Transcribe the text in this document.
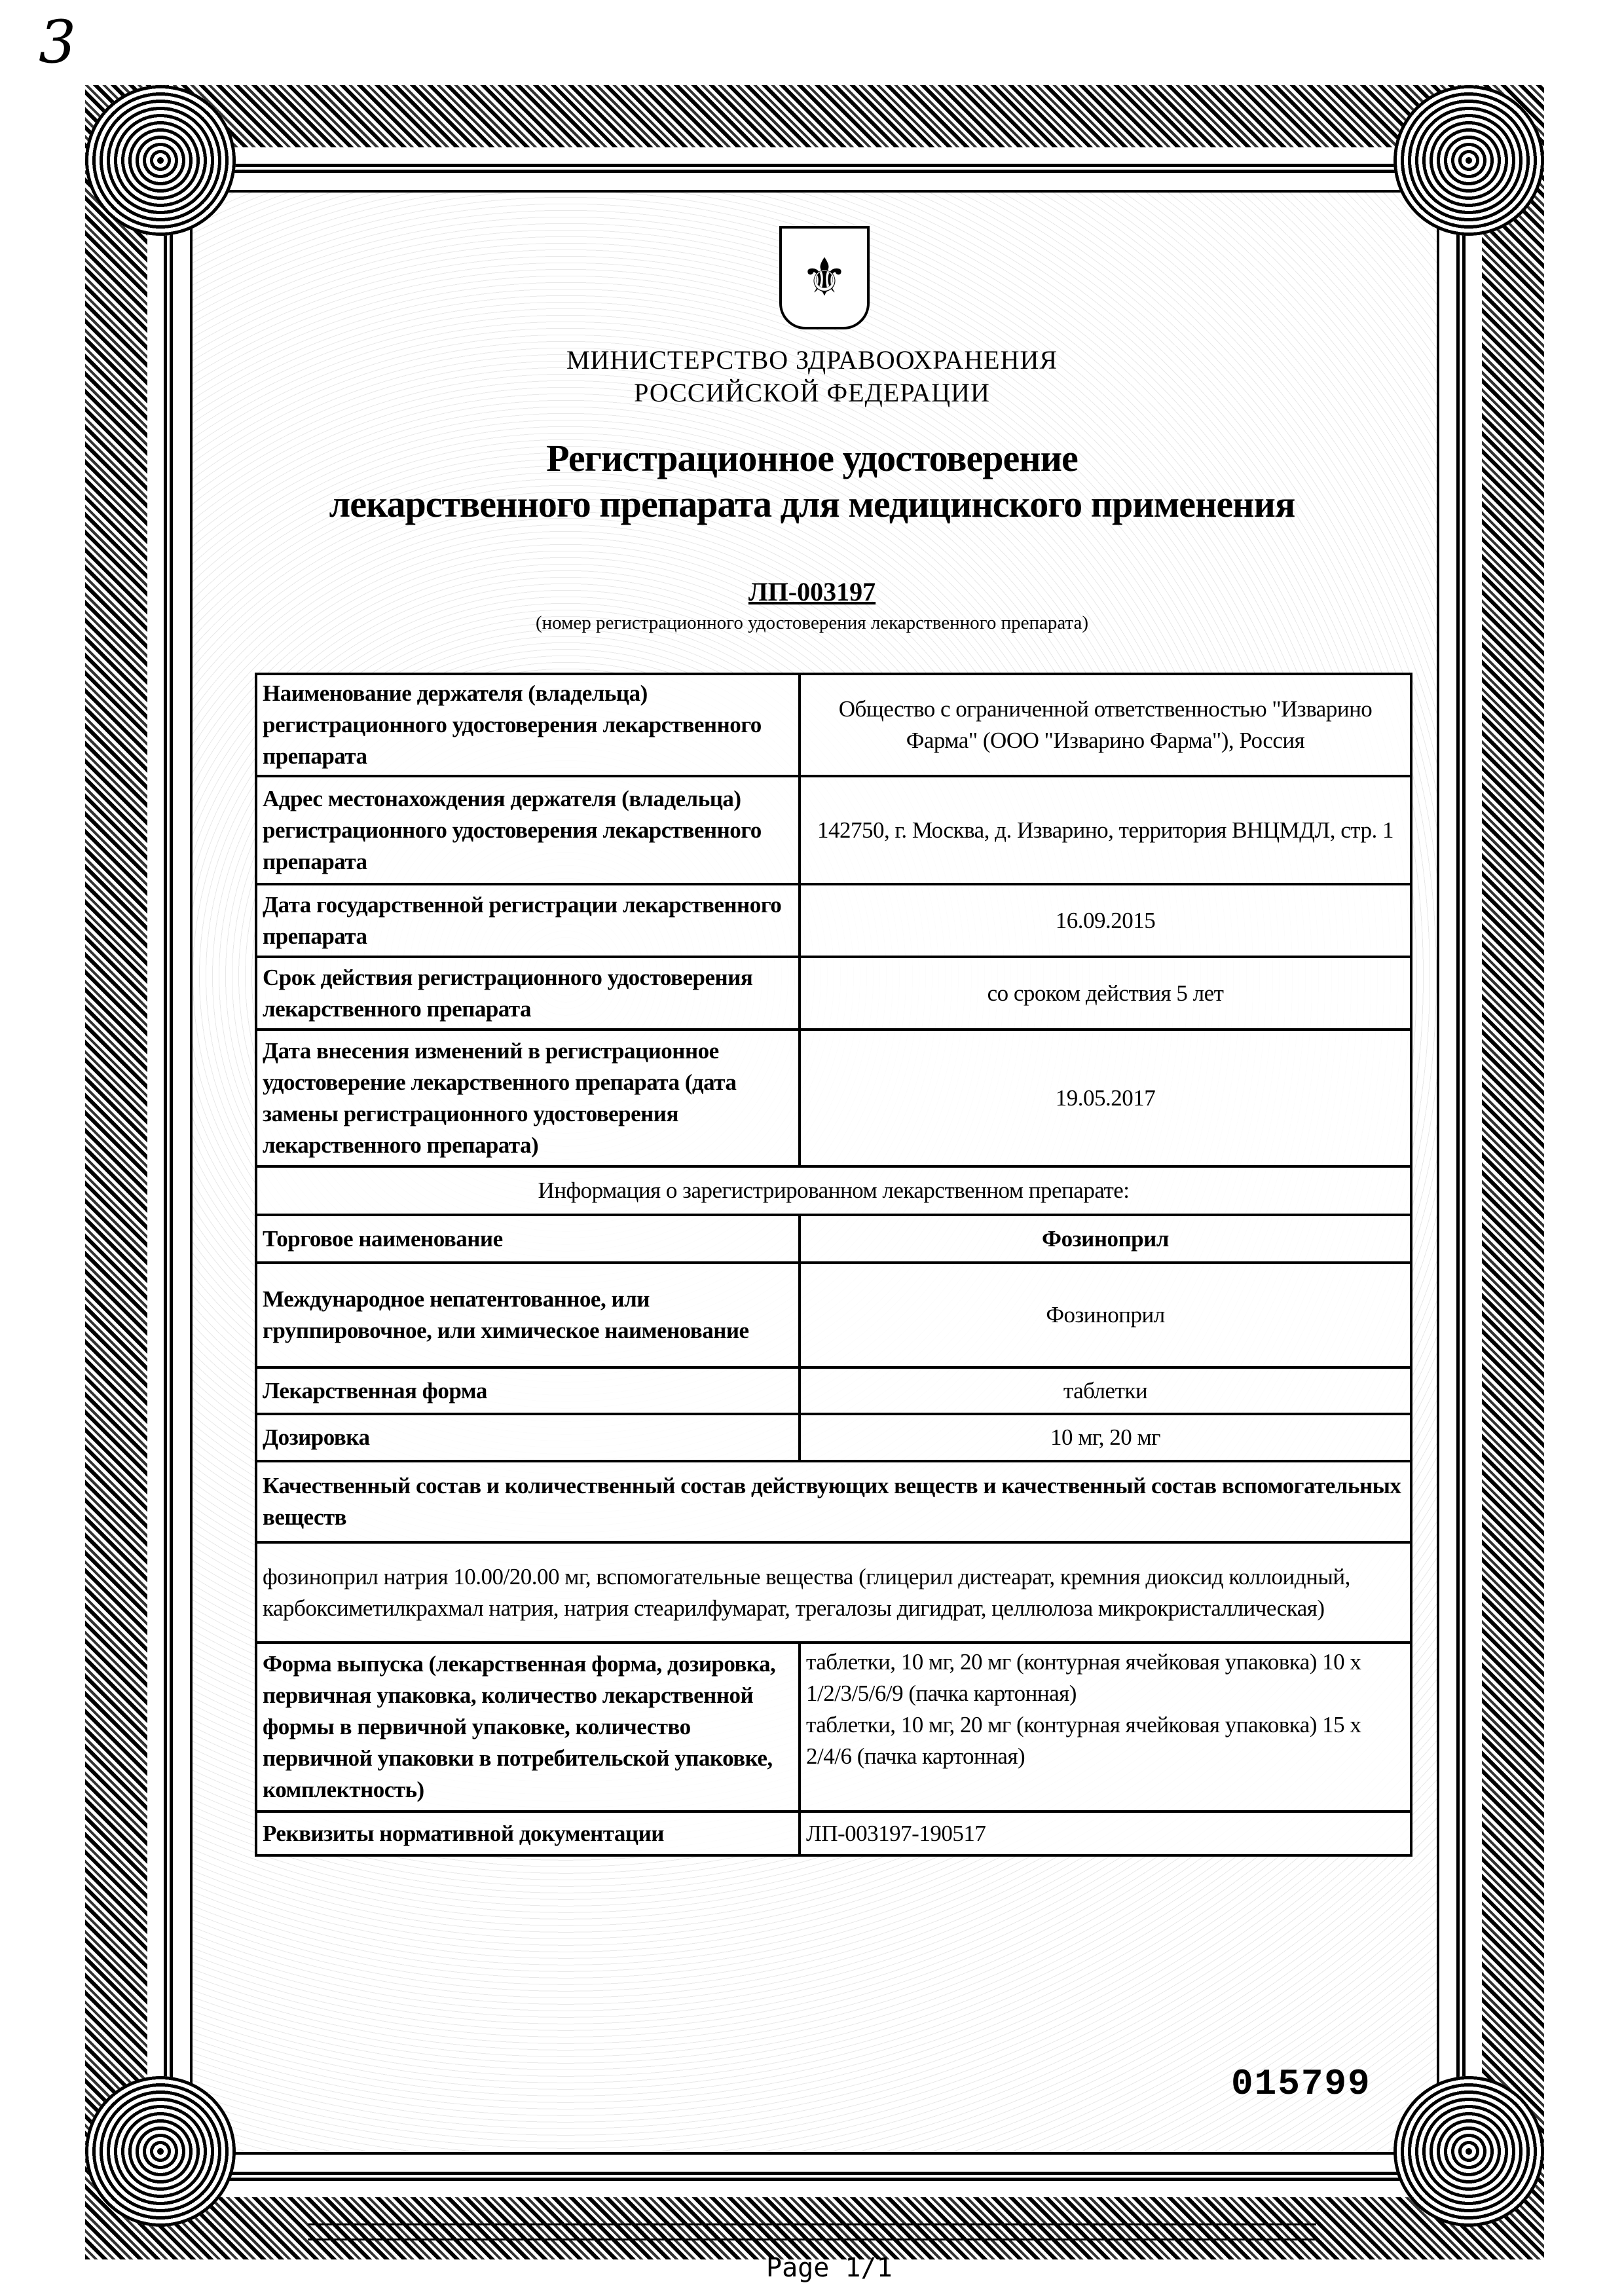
3
⚜
МИНИСТЕРСТВО ЗДРАВООХРАНЕНИЯ
РОССИЙСКОЙ ФЕДЕРАЦИИ
Регистрационное удостоверение
лекарственного препарата для медицинского применения
ЛП-003197
(номер регистрационного удостоверения лекарственного препарата)
Наименование держателя (владельца) регистрационного удостоверения лекарственного препарата	Общество с ограниченной ответственностью "Изварино Фарма" (ООО "Изварино Фарма"), Россия
Адрес местонахождения держателя (владельца) регистрационного удостоверения лекарственного препарата	142750, г. Москва, д. Изварино, территория ВНЦМДЛ, стр. 1
Дата государственной регистрации лекарственного препарата	16.09.2015
Срок действия регистрационного удостоверения лекарственного препарата	со сроком действия 5 лет
Дата внесения изменений в регистрационное удостоверение лекарственного препарата (дата замены регистрационного удостоверения лекарственного препарата)	19.05.2017
Информация о зарегистрированном лекарственном препарате:	
Торговое наименование	Фозиноприл
Международное непатентованное, или группировочное, или химическое наименование	Фозиноприл
Лекарственная форма	таблетки
Дозировка	10 мг, 20 мг
Качественный состав и количественный состав действующих веществ и качественный состав вспомогательных веществ	
фозиноприл натрия 10.00/20.00 мг, вспомогательные вещества (глицерил дистеарат, кремния диоксид коллоидный, карбоксиметилкрахмал натрия, натрия стеарилфумарат, трегалозы дигидрат, целлюлоза микрокристаллическая)	
Форма выпуска (лекарственная форма, дозировка, первичная упаковка, количество лекарственной формы в первичной упаковке, количество первичной упаковки в потребительской упаковке, комплектность)	таблетки, 10 мг, 20 мг (контурная ячейковая упаковка) 10 х 1/2/3/5/6/9 (пачка картонная)
таблетки, 10 мг, 20 мг (контурная ячейковая упаковка) 15 х 2/4/6 (пачка картонная)

Реквизиты нормативной документации	ЛП-003197-190517
015799
Page 1/1
